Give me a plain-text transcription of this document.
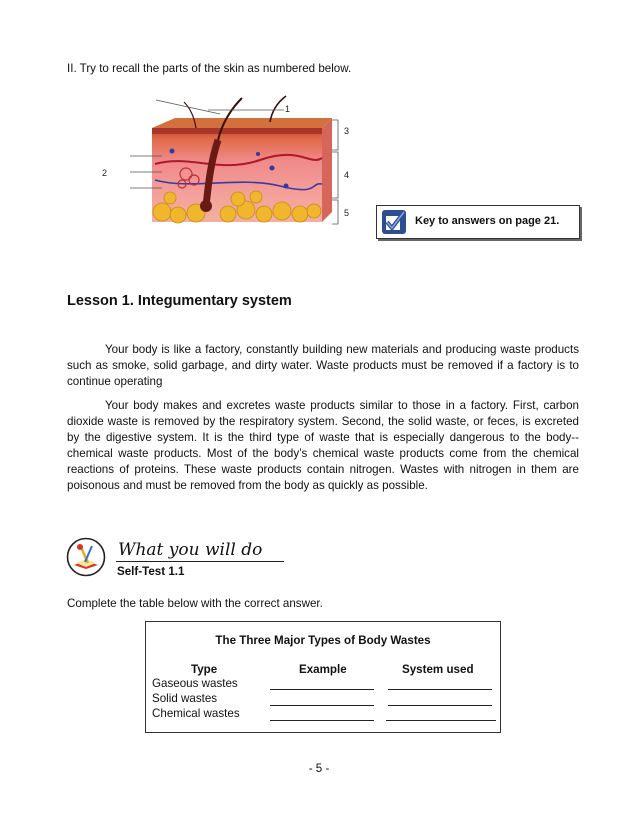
II. Try to recall the parts of the skin as numbered below.
1
2
3
4
5
Key to answers on page 21.
Lesson 1. Integumentary system

Your body is like a factory, constantly building new materials and producing waste products such as smoke, solid garbage, and dirty water. Waste products must be removed if a factory is to continue operating

Your body makes and excretes waste products similar to those in a factory. First, carbon dioxide waste is removed by the respiratory system. Second, the solid waste, or feces, is excreted by the digestive system. It is the third type of waste that is especially dangerous to the body--chemical waste products. Most of the body’s chemical waste products come from the chemical reactions of proteins. These waste products contain nitrogen. Wastes with nitrogen in them are poisonous and must be removed from the body as quickly as possible.

What you will do
Self-Test 1.1
Complete the table below with the correct answer.
The Three Major Types of Body Wastes
Type	Example	System used
Gaseous wastes
Solid wastes
Chemical wastes
- 5 -
